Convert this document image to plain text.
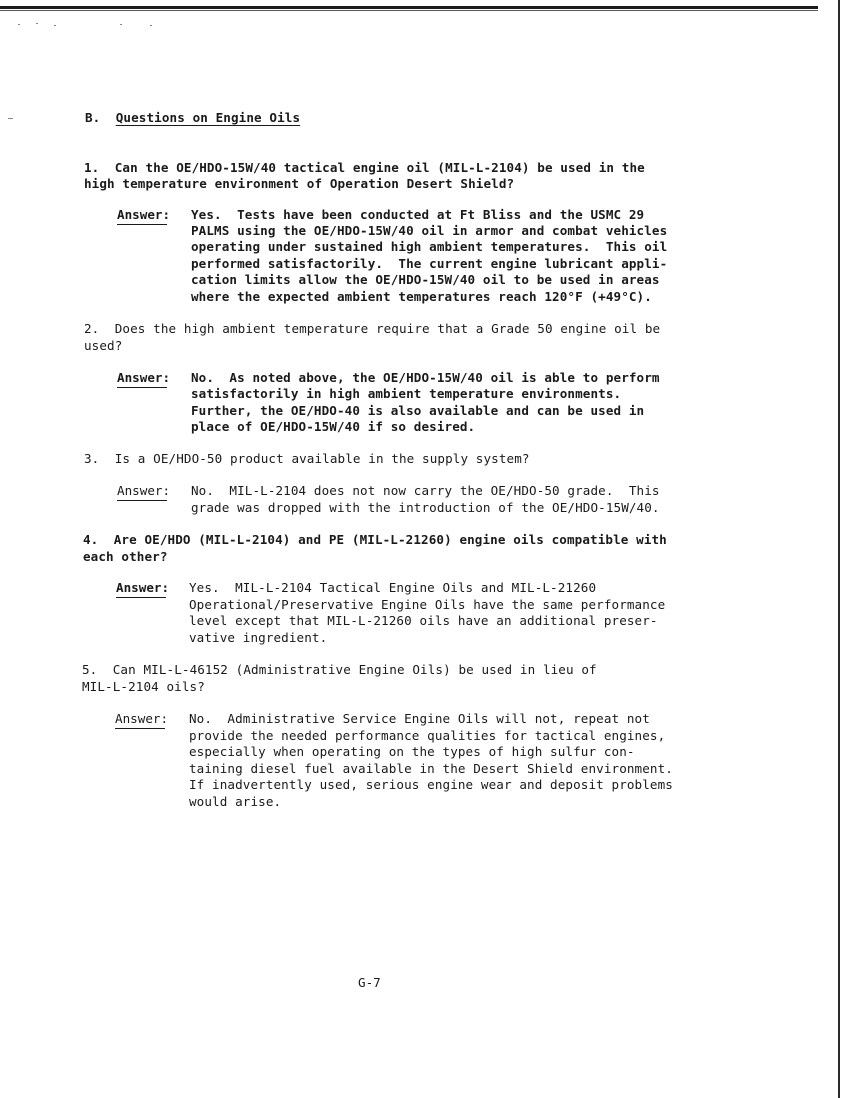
B. Questions on Engine Oils
1. Can the OE/HDO-15W/40 tactical engine oil (MIL-L-2104) be used in the
high temperature environment of Operation Desert Shield?
Answer: Yes.  Tests have been conducted at Ft Bliss and the USMC 29
PALMS using the OE/HDO-15W/40 oil in armor and combat vehicles
operating under sustained high ambient temperatures.  This oil
performed satisfactorily.  The current engine lubricant appli-
cation limits allow the OE/HDO-15W/40 oil to be used in areas
where the expected ambient temperatures reach 120°F (+49°C).
2. Does the high ambient temperature require that a Grade 50 engine oil be
used?
Answer: No.  As noted above, the OE/HDO-15W/40 oil is able to perform
satisfactorily in high ambient temperature environments.
Further, the OE/HDO-40 is also available and can be used in
place of OE/HDO-15W/40 if so desired.
3. Is a OE/HDO-50 product available in the supply system?
Answer: No.  MIL-L-2104 does not now carry the OE/HDO-50 grade.  This
grade was dropped with the introduction of the OE/HDO-15W/40.
4. Are OE/HDO (MIL-L-2104) and PE (MIL-L-21260) engine oils compatible with
each other?
Answer: Yes.  MIL-L-2104 Tactical Engine Oils and MIL-L-21260
Operational/Preservative Engine Oils have the same performance
level except that MIL-L-21260 oils have an additional preser-
vative ingredient.
5. Can MIL-L-46152 (Administrative Engine Oils) be used in lieu of
MIL-L-2104 oils?
Answer: No.  Administrative Service Engine Oils will not, repeat not
provide the needed performance qualities for tactical engines,
especially when operating on the types of high sulfur con-
taining diesel fuel available in the Desert Shield environment.
If inadvertently used, serious engine wear and deposit problems
would arise.
G-7
